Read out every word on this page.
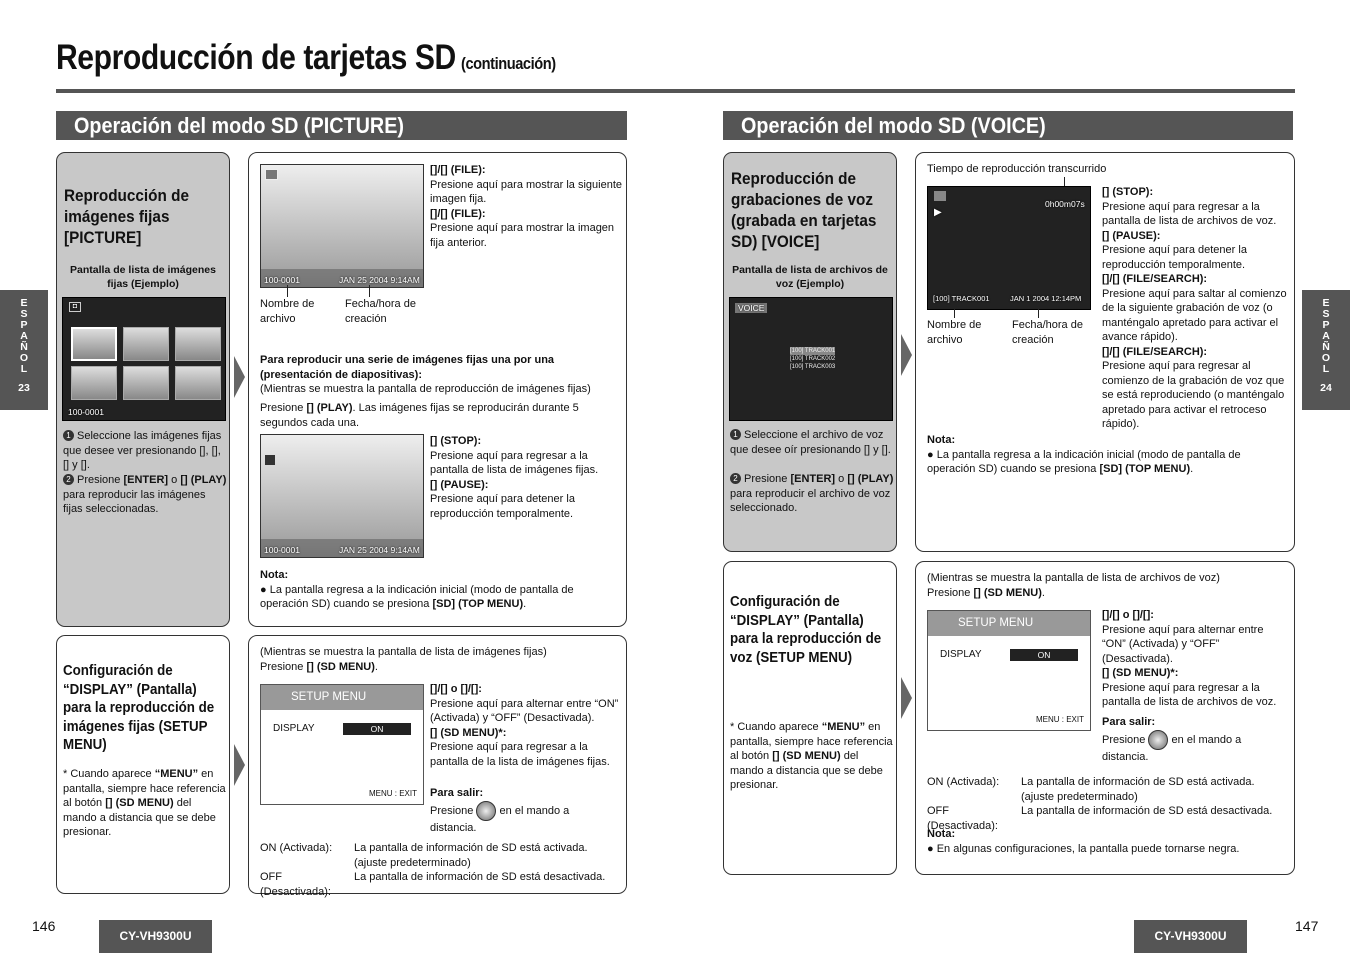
Reproducción de tarjetas SD (continuación)
Operación del modo SD (PICTURE)
E
S
P
A
Ñ
O
L
23
Reproducción de imágenes fijas [PICTURE]
Pantalla de lista de imágenes fijas (Ejemplo)
◘
100-0001
1 Seleccione las imágenes fijas que desee ver presionando [], [], [] y [].
2 Presione [ENTER] o [] (PLAY) para reproducir las imágenes fijas seleccionadas.
100-0001	JAN 25 2004 9:14AM
Nombre de archivo
Fecha/hora de creación
[]/[] (FILE):
Presione aquí para mostrar la siguiente imagen fija.
[]/[] (FILE):
Presione aquí para mostrar la imagen fija anterior.
Para reproducir una serie de imágenes fijas una por una (presentación de diapositivas):
(Mientras se muestra la pantalla de reproducción de imágenes fijas)
Presione [] (PLAY). Las imágenes fijas se reproducirán durante 5 segundos cada una.
100-0001	JAN 25 2004 9:14AM
[] (STOP):
Presione aquí para regresar a la pantalla de lista de imágenes fijas.
[] (PAUSE):
Presione aquí para detener la reproducción temporalmente.
Nota:
● La pantalla regresa a la indicación inicial (modo de pantalla de operación SD) cuando se presiona [SD] (TOP MENU).
Configuración de “DISPLAY” (Pantalla) para la reproducción de imágenes fijas (SETUP MENU)
* Cuando aparece “MENU” en pantalla, siempre hace referencia al botón [] (SD MENU) del mando a distancia que se debe presionar.
(Mientras se muestra la pantalla de lista de imágenes fijas)
Presione [] (SD MENU).
SETUP MENU
DISPLAY	ON
MENU : EXIT
[]/[] o []/[]:
Presione aquí para alternar entre “ON” (Activada) y “OFF” (Desactivada).
[] (SD MENU)*:
Presione aquí para regresar a la pantalla de la lista de imágenes fijas.
Para salir:
Presione en el mando a
distancia.
ON (Activada):	La pantalla de información de SD está activada. (ajuste predeterminado)
OFF (Desactivada):
La pantalla de información de SD está desactivada.
146
CY-VH9300U
Operación del modo SD (VOICE)
E
S
P
A
Ñ
O
L
24
Reproducción de grabaciones de voz (grabada en tarjetas SD) [VOICE]
Pantalla de lista de archivos de voz (Ejemplo)
VOICE
[100] TRACK001
[100] TRACK002
[100] TRACK003
1 Seleccione el archivo de voz que desee oír presionando [] y [].
2 Presione [ENTER] o [] (PLAY) para reproducir el archivo de voz seleccionado.
Tiempo de reproducción transcurrido
▶
0h00m07s
[100] TRACK001	JAN 1 2004 12:14PM
Nombre de archivo
Fecha/hora de creación
[] (STOP):
Presione aquí para regresar a la pantalla de lista de archivos de voz.
[] (PAUSE):
Presione aquí para detener la reproducción temporalmente.
[]/[] (FILE/SEARCH):
Presione aquí para saltar al comienzo de la siguiente grabación de voz (o manténgalo apretado para activar el avance rápido).
[]/[] (FILE/SEARCH):
Presione aquí para regresar al comienzo de la grabación de voz que se está reproduciendo (o manténgalo apretado para activar el retroceso rápido).
Nota:
● La pantalla regresa a la indicación inicial (modo de pantalla de operación SD) cuando se presiona [SD] (TOP MENU).
Configuración de “DISPLAY” (Pantalla) para la reproducción de voz (SETUP MENU)
* Cuando aparece “MENU” en pantalla, siempre hace referencia al botón [] (SD MENU) del mando a distancia que se debe presionar.
(Mientras se muestra la pantalla de lista de archivos de voz)
Presione [] (SD MENU).
SETUP MENU
DISPLAY	ON
MENU : EXIT
[]/[] o []/[]:
Presione aquí para alternar entre “ON” (Activada) y “OFF” (Desactivada).
[] (SD MENU)*:
Presione aquí para regresar a la pantalla de lista de archivos de voz.
Para salir:
Presione en el mando a
distancia.
ON (Activada):	La pantalla de información de SD está activada. (ajuste predeterminado)
OFF (Desactivada):
La pantalla de información de SD está desactivada.
Nota:
● En algunas configuraciones, la pantalla puede tornarse negra.
CY-VH9300U
147
